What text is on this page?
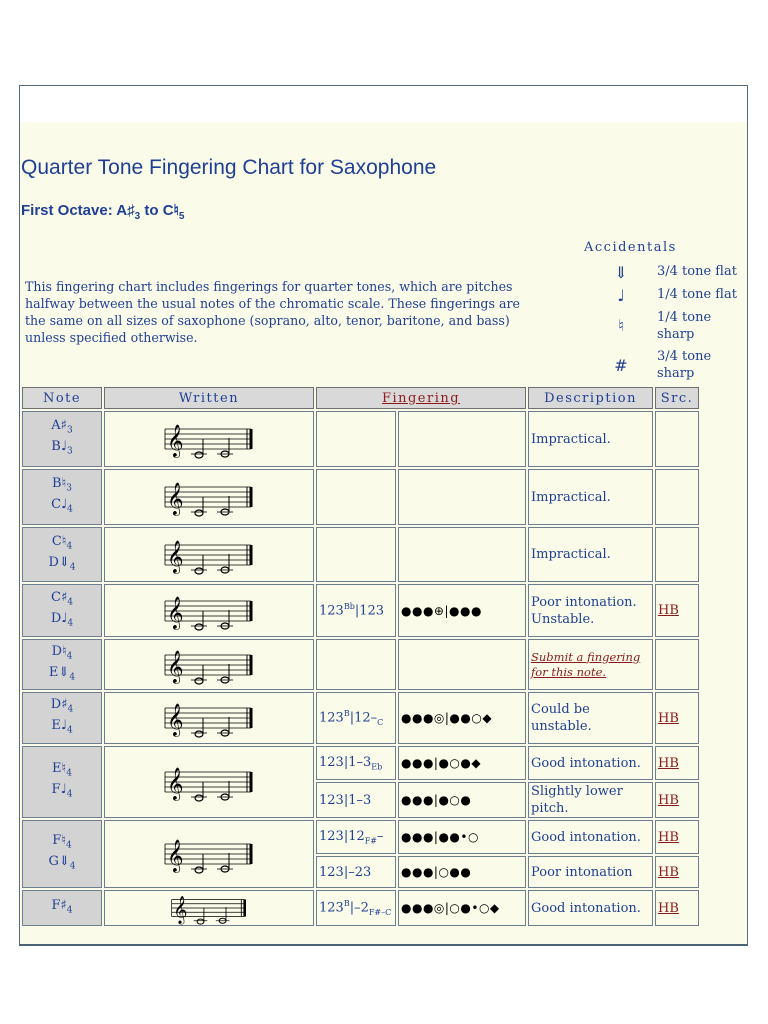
Quarter Tone Fingering Chart for Saxophone
First Octave: $A♯_3$ to $C♮_5$
Accidentals
⇓ 3/4 tone flat
♩	1/4 tone flat
♮	1/4 tone
sharp
# 3/4 tone
sharp

This fingering chart includes fingerings for quarter tones, which are pitches halfway between the usual notes of the chromatic scale. These fingerings are the same on all sizes of saxophone (soprano, alto, tenor, baritone, and bass) unless specified otherwise.

Note	Written	Fingering		Description	Src.
$A♯_3$
$B♩_3$	𝄞			Impractical.	
$B♮_3$
$C♩_4$	𝄞			Impractical.	
$C♮_4$
$D⇓_4$	𝄞			Impractical.	
$C♯_4$
$D♩_4$	𝄞	$123^{Bb}|123$	●●●⊕|●●●	Poor intonation. Unstable.	HB
$D♮_4$
$E⇓_4$	𝄞			Submit a fingering for this note.	
$D♯_4$
$E♩_4$	𝄞	$123^B|12-_C$	●●●◎|●●○◆	Could be unstable.	HB
$E♮_4$
$F♩_4$	𝄞	$123|1-3_{Eb}$	●●●|●○●◆	Good intonation.	HB
		123|1–3	●●●|●○●	Slightly lower pitch.	HB
$F♮_4$
$G⇓_4$	𝄞	$123|12_{F\#}-$	●●●|●●•○	Good intonation.	HB
		123|–23	●●●|○●●	Poor intonation	HB
$F♯_4$	𝄞	$123^B|-2_{F\#-C}$	●●●◎|○●•○◆	Good intonation.	HB
